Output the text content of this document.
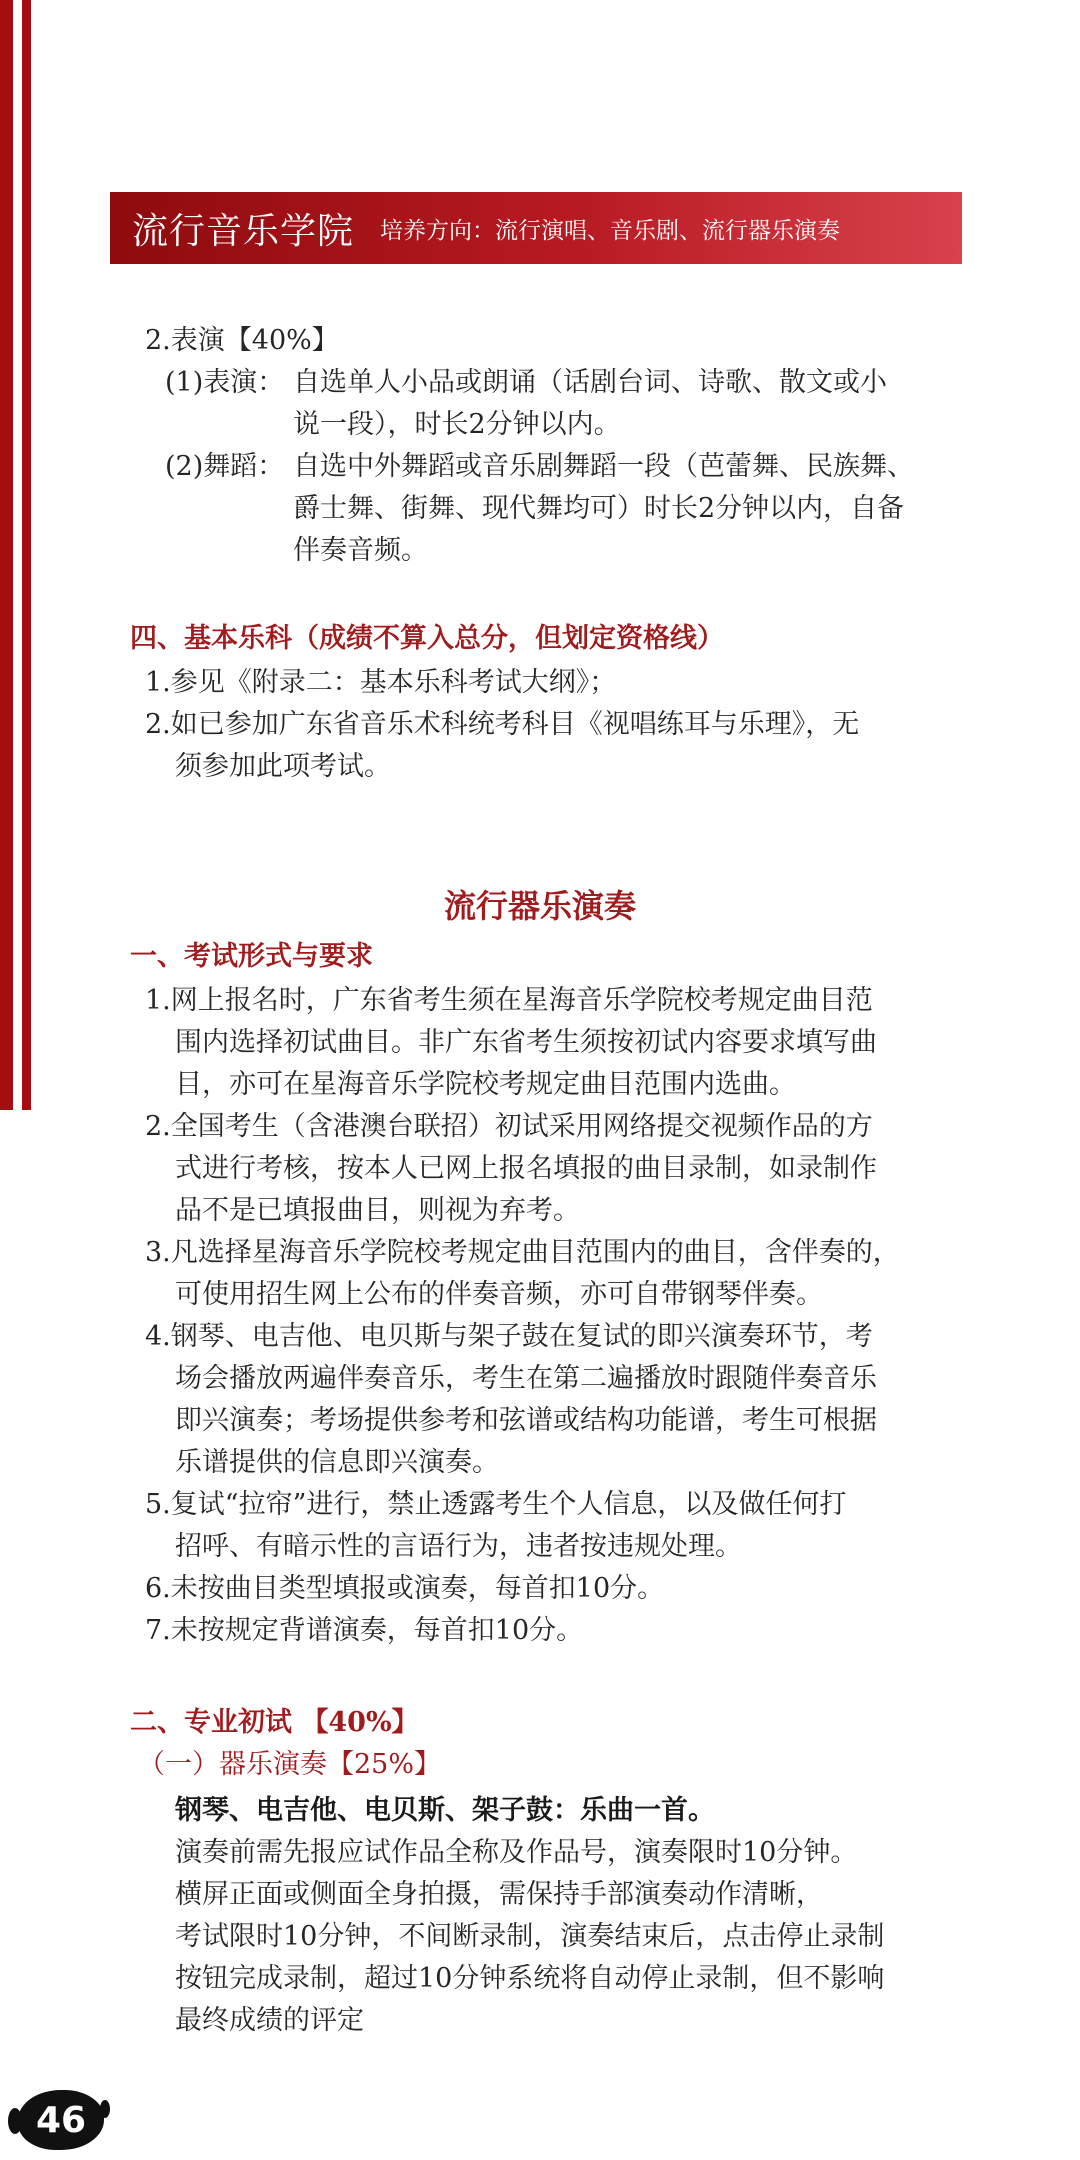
流行音乐学院 培养方向：流行演唱、音乐剧、流行器乐演奏
2.表演【40%】
(1)表演： 自选单人小品或朗诵（话剧台词、诗歌、散文或小
说一段），时长2分钟以内。
(2)舞蹈： 自选中外舞蹈或音乐剧舞蹈一段（芭蕾舞、民族舞、
爵士舞、街舞、现代舞均可）时长2分钟以内，自备
伴奏音频。
四、基本乐科（成绩不算入总分，但划定资格线）
1.参见《附录二：基本乐科考试大纲》；
2.如已参加广东省音乐术科统考科目《视唱练耳与乐理》，无
须参加此项考试。
流行器乐演奏
一、考试形式与要求
1.网上报名时，广东省考生须在星海音乐学院校考规定曲目范
围内选择初试曲目。非广东省考生须按初试内容要求填写曲
目，亦可在星海音乐学院校考规定曲目范围内选曲。
2.全国考生（含港澳台联招）初试采用网络提交视频作品的方
式进行考核，按本人已网上报名填报的曲目录制，如录制作
品不是已填报曲目，则视为弃考。
3.凡选择星海音乐学院校考规定曲目范围内的曲目，含伴奏的，
可使用招生网上公布的伴奏音频，亦可自带钢琴伴奏。
4.钢琴、电吉他、电贝斯与架子鼓在复试的即兴演奏环节，考
场会播放两遍伴奏音乐，考生在第二遍播放时跟随伴奏音乐
即兴演奏；考场提供参考和弦谱或结构功能谱，考生可根据
乐谱提供的信息即兴演奏。
5.复试“拉帘”进行，禁止透露考生个人信息，以及做任何打
招呼、有暗示性的言语行为，违者按违规处理。
6.未按曲目类型填报或演奏，每首扣10分。
7.未按规定背谱演奏，每首扣10分。
二、专业初试 【40%】
（一）器乐演奏【25%】
钢琴、电吉他、电贝斯、架子鼓：乐曲一首。
演奏前需先报应试作品全称及作品号，演奏限时10分钟。
横屏正面或侧面全身拍摄，需保持手部演奏动作清晰，
考试限时10分钟，不间断录制，演奏结束后，点击停止录制
按钮完成录制，超过10分钟系统将自动停止录制，但不影响
最终成绩的评定
46
